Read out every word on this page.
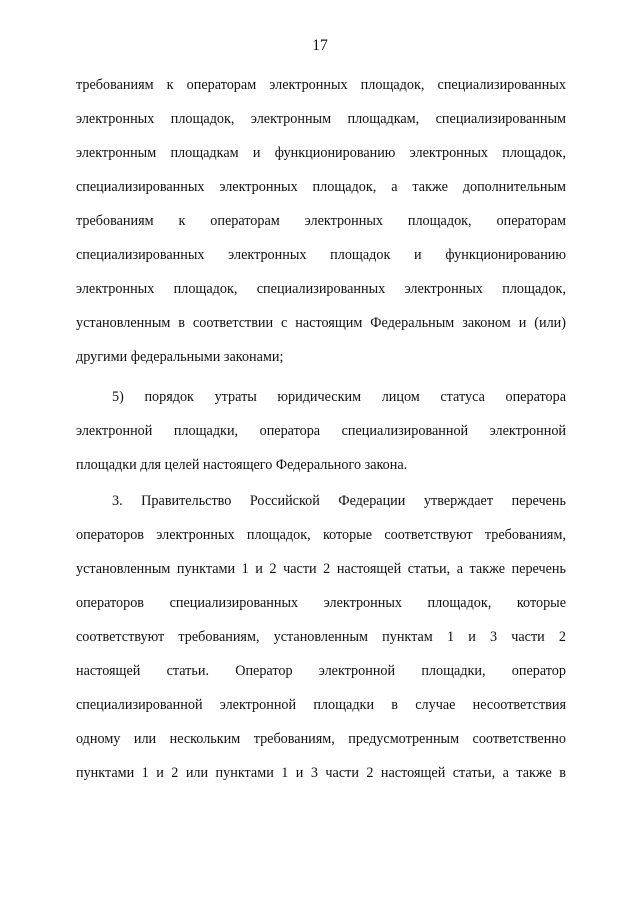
17
требованиям к операторам электронных площадок, специализированных
электронных площадок, электронным площадкам, специализированным
электронным площадкам и функционированию электронных площадок,
специализированных электронных площадок, а также дополнительным
требованиям к операторам электронных площадок, операторам
специализированных электронных площадок и функционированию
электронных площадок, специализированных электронных площадок,
установленным в соответствии с настоящим Федеральным законом и (или)
другими федеральными законами;
5) порядок утраты юридическим лицом статуса оператора
электронной площадки, оператора специализированной электронной
площадки для целей настоящего Федерального закона.
3. Правительство Российской Федерации утверждает перечень
операторов электронных площадок, которые соответствуют требованиям,
установленным пунктами 1 и 2 части 2 настоящей статьи, а также перечень
операторов специализированных электронных площадок, которые
соответствуют требованиям, установленным пунктам 1 и 3 части 2
настоящей статьи. Оператор электронной площадки, оператор
специализированной электронной площадки в случае несоответствия
одному или нескольким требованиям, предусмотренным соответственно
пунктами 1 и 2 или пунктами 1 и 3 части 2 настоящей статьи, а также в
